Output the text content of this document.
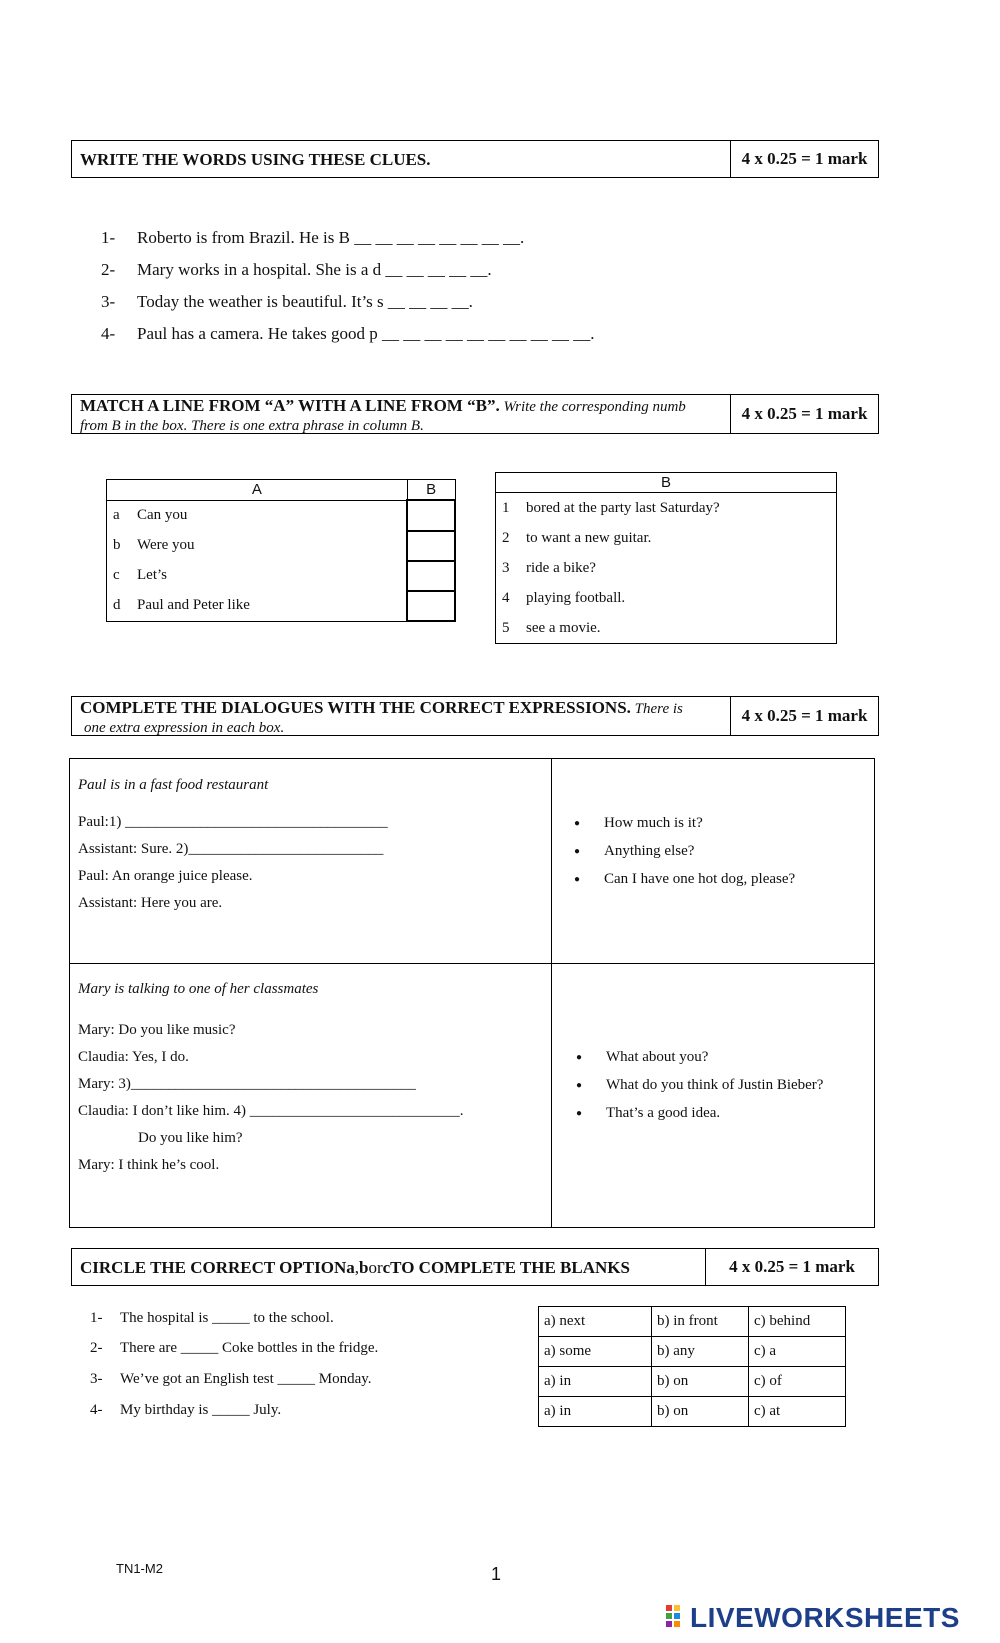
WRITE THE WORDS USING THESE CLUES.	4 x 0.25 = 1 mark
1- Roberto is from Brazil. He is B __ __ __ __ __ __ __ __.
2- Mary works in a hospital. She is a d __ __ __ __ __.
3- Today the weather is beautiful. It’s s __ __ __ __.
4- Paul has a camera. He takes good p __ __ __ __ __ __ __ __ __ __.
MATCH A LINE FROM “A” WITH A LINE FROM “B”. Write the corresponding numb
from B in the box. There is one extra phrase in column B.
4 x 0.25 = 1 mark
A	B
a Can you	
b Were you	
c Let’s	
d Paul and Peter like	
B
1 bored at the party last Saturday?
2 to want a new guitar.
3 ride a bike?
4 playing football.
5 see a movie.
COMPLETE THE DIALOGUES WITH THE CORRECT EXPRESSIONS. There is
one extra expression in each box.
4 x 0.25 = 1 mark

Paul is in a fast food restaurant

Paul:1) ___________________________________

Assistant: Sure. 2)__________________________

Paul: An orange juice please.

Assistant: Here you are.

● How much is it?
● Anything else?
● Can I have one hot dog, please?

Mary is talking to one of her classmates

Mary: Do you like music?

Claudia: Yes, I do.

Mary: 3)______________________________________

Claudia: I don’t like him. 4) ____________________________.

Do you like him?

Mary: I think he’s cool.

● What about you?
● What do you think of Justin Bieber?
● That’s a good idea.
CIRCLE THE CORRECT OPTION a , b or c TO COMPLETE THE BLANKS	4 x 0.25 = 1 mark
1- The hospital is _____ to the school.
2- There are _____ Coke bottles in the fridge.
3- We’ve got an English test _____ Monday.
4- My birthday is _____ July.
a) next	b) in front	c) behind
a) some	b) any	c) a
a) in	b) on	c) of
a) in	b) on	c) at
TN1-M2	1
LIVEWORKSHEETS
